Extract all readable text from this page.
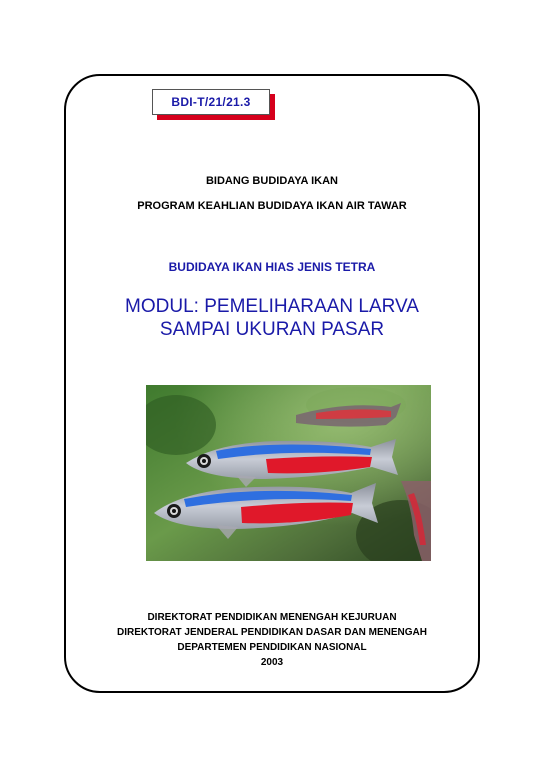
BDI-T/21/21.3
BIDANG BUDIDAYA IKAN
PROGRAM KEAHLIAN BUDIDAYA IKAN AIR TAWAR
BUDIDAYA IKAN HIAS JENIS TETRA
MODUL: PEMELIHARAAN LARVA
SAMPAI UKURAN PASAR
DIREKTORAT PENDIDIKAN MENENGAH KEJURUAN
DIREKTORAT JENDERAL PENDIDIKAN DASAR DAN MENENGAH
DEPARTEMEN PENDIDIKAN NASIONAL
2003
